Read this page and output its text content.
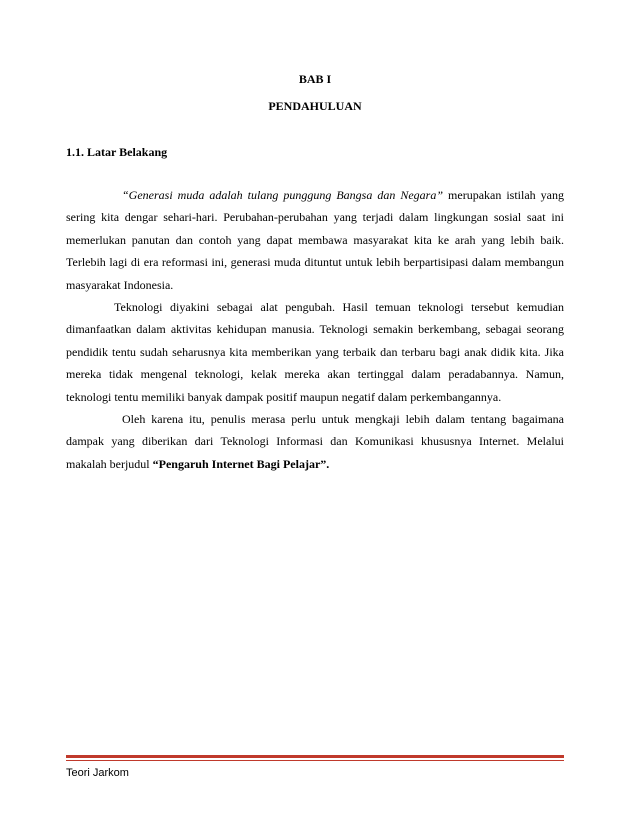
BAB I
PENDAHULUAN
1.1. Latar Belakang

“Generasi muda adalah tulang punggung Bangsa dan Negara” merupakan istilah yang sering kita dengar sehari-hari. Perubahan-perubahan yang terjadi dalam lingkungan sosial saat ini memerlukan panutan dan contoh yang dapat membawa masyarakat kita ke arah yang lebih baik. Terlebih lagi di era reformasi ini, generasi muda dituntut untuk lebih berpartisipasi dalam membangun masyarakat Indonesia.

Teknologi diyakini sebagai alat pengubah. Hasil temuan teknologi tersebut kemudian dimanfaatkan dalam aktivitas kehidupan manusia. Teknologi semakin berkembang, sebagai seorang pendidik tentu sudah seharusnya kita memberikan yang terbaik dan terbaru bagi anak didik kita. Jika mereka tidak mengenal teknologi, kelak mereka akan tertinggal dalam peradabannya. Namun, teknologi tentu memiliki banyak dampak positif maupun negatif dalam perkembangannya.

Oleh karena itu, penulis merasa perlu untuk mengkaji lebih dalam tentang bagaimana dampak yang diberikan dari Teknologi Informasi dan Komunikasi khususnya Internet. Melalui makalah berjudul “Pengaruh Internet Bagi Pelajar”.

Teori Jarkom
